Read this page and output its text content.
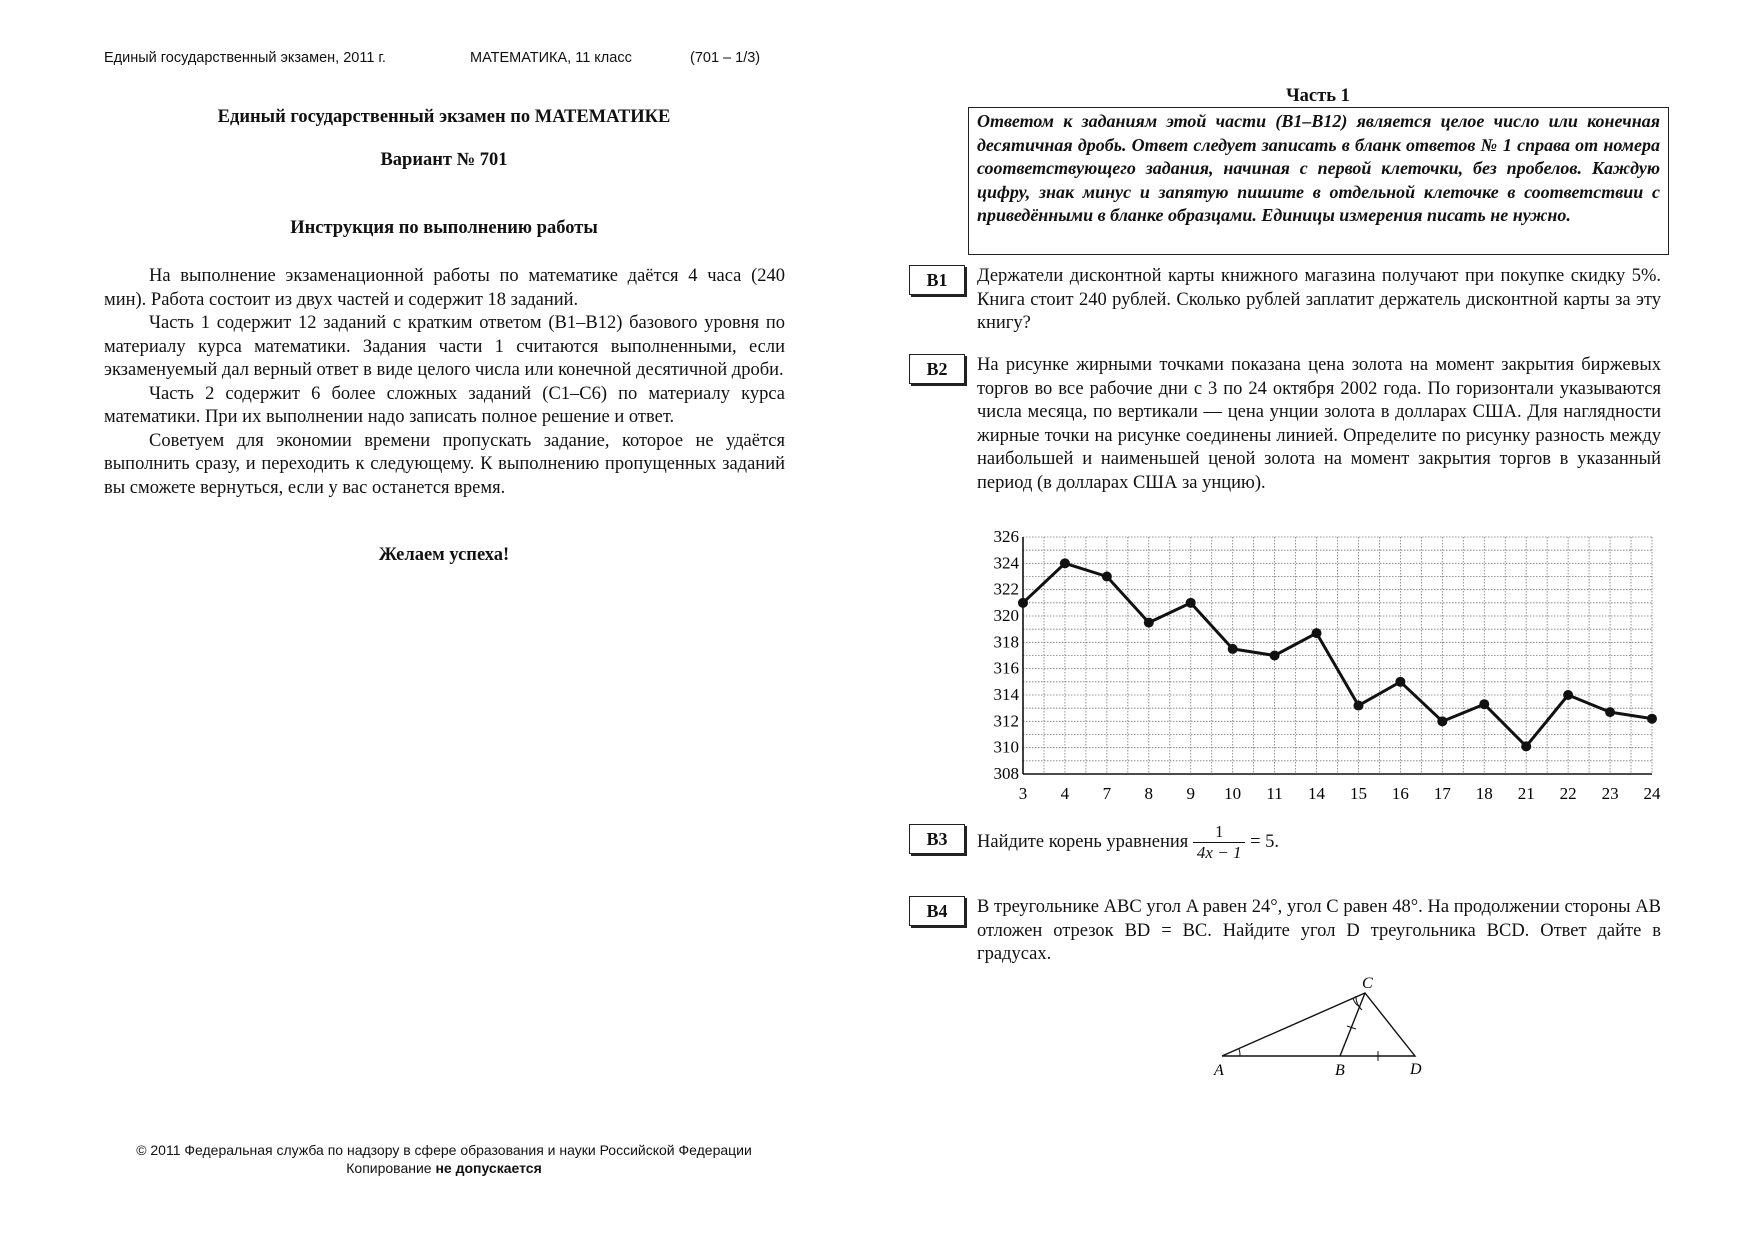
Единый государственный экзамен, 2011 г.	МАТЕМАТИКА, 11 класс	(701 – 1/3)
Единый государственный экзамен по МАТЕМАТИКЕ
Вариант № 701
Инструкция по выполнению работы

На выполнение экзаменационной работы по математике даётся 4 часа (240 мин). Работа состоит из двух частей и содержит 18 заданий.

Часть 1 содержит 12 заданий с кратким ответом (B1–B12) базового уровня по материалу курса математики. Задания части 1 считаются выполненными, если экзаменуемый дал верный ответ в виде целого числа или конечной десятичной дроби.

Часть 2 содержит 6 более сложных заданий (C1–C6) по материалу курса математики. При их выполнении надо записать полное решение и ответ.

Советуем для экономии времени пропускать задание, которое не удаётся выполнить сразу, и переходить к следующему. К выполнению пропущенных заданий вы сможете вернуться, если у вас останется время.

Желаем успеха!
© 2011 Федеральная служба по надзору в сфере образования и науки Российской Федерации
Копирование не допускается
Часть 1
Ответом к заданиям этой части (B1–B12) является целое число или конечная десятичная дробь. Ответ следует записать в бланк ответов № 1 справа от номера соответствующего задания, начиная с первой клеточки, без пробелов. Каждую цифру, знак минус и запятую пишите в отдельной клеточке в соответствии с приведёнными в бланке образцами. Единицы измерения писать не нужно.
B1	Держатели дисконтной карты книжного магазина получают при покупке скидку 5%. Книга стоит 240 рублей. Сколько рублей заплатит держатель дисконтной карты за эту книгу?
B2	На рисунке жирными точками показана цена золота на момент закрытия биржевых торгов во все рабочие дни с 3 по 24 октября 2002 года. По горизонтали указываются числа месяца, по вертикали — цена унции золота в долларах США. Для наглядности жирные точки на рисунке соединены линией. Определите по рисунку разность между наибольшей и наименьшей ценой золота на момент закрытия торгов в указанный период (в долларах США за унцию).
308
310
312
314
316
318
320
322
324
326
3 4 7 8 9 10 11 14 15 16 17 18 21 22 23 24
B3	Найдите корень уравнения $\frac{1}{4x - 1} = 5$.
B4	В треугольнике ABC угол A равен 24°, угол C равен 48°. На продолжении стороны AB отложен отрезок BD = BC. Найдите угол D треугольника BCD. Ответ дайте в градусах.
A	B
C
D
